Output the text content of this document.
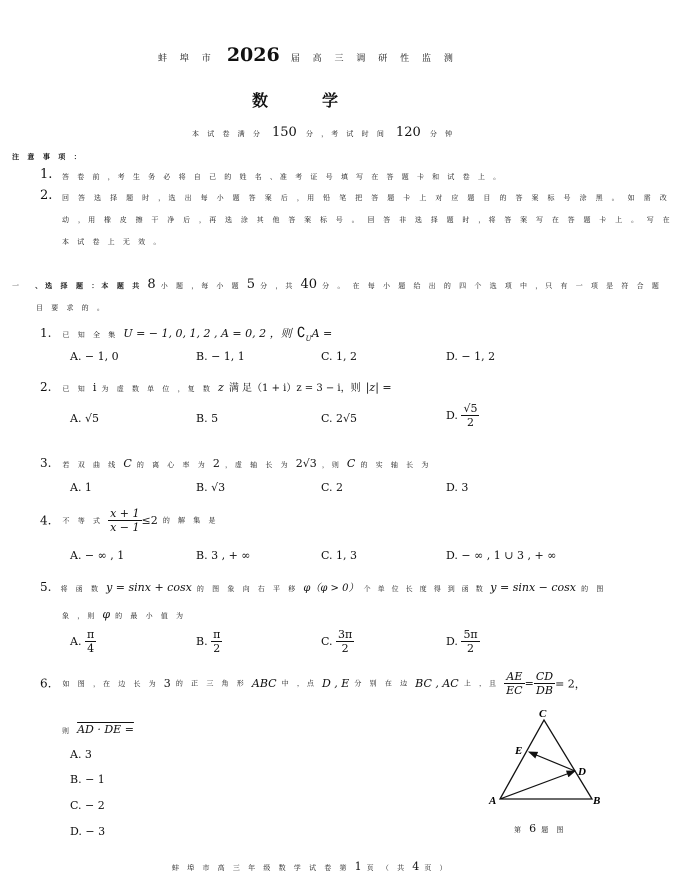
蚌 埠 市 2026 届 高 三 调 研 性 监 测
数学
本 试 卷 满 分 150 分 ，考 试 时 间 120 分 钟
注 意 事 项 ：
1. 答 卷 前 ，考 生 务 必 将 自 己 的 姓 名 、准 考 证 号 填 写 在 答 题 卡 和 试 卷 上 。
2. 回 答 选 择 题 时 ，选 出 每 小 题 答 案 后 ，用 铅 笔 把 答 题 卡 上 对 应 题 目 的 答 案 标 号 涂 黑 。 如 需 改
动 ，用 橡 皮 擦 干 净 后 ，再 选 涂 其 他 答 案 标 号 。 回 答 非 选 择 题 时 ，将 答 案 写 在 答 题 卡 上 。 写 在
本 试 卷 上 无 效 。
一 、选 择 题 ：本 题 共 8 小 题 ，每 小 题 5 分 ，共 40 分 。 在 每 小 题 给 出 的 四 个 选 项 中 ，只 有 一 项 是 符 合 题
目 要 求 的 。
1. 已 知 全 集 U = − 1, 0, 1, 2 , A = 0, 2 ，则 $∁_UA$ =
A. − 1, 0	B. − 1, 1	C. 1, 2	D. − 1, 2
2. 已 知 i 为 虚 数 单 位 ，复 数 z 满 足（1 + i）z = 3 − i，则 |z| =
A. √5	B. 5	C. 2√5	D. $\frac{√5}{2}$
3. 若 双 曲 线 C 的 离 心 率 为 2 ，虚 轴 长 为 2√3 ，则 C 的 实 轴 长 为
A. 1	B. √3	C. 2	D. 3
4. 不 等 式 $\frac{x + 1}{x - 1} \le 2$ 的 解 集 是
A. − ∞ , 1	B. 3 , + ∞	C. 1, 3	D. − ∞ , 1 ∪ 3 , + ∞
5. 将 函 数 y = sinx + cosx 的 图 象 向 右 平 移 φ（φ > 0） 个 单 位 长 度 得 到 函 数 y = sinx − cosx 的 图
象 ，则 φ 的 最 小 值 为
A. $\frac{\pi}{4}$	B. $\frac{\pi}{2}$	C. $\frac{3\pi}{2}$	D. $\frac{5\pi}{2}$
6. 如 图 ，在 边 长 为 3 的 正 三 角 形 ABC 中 ，点 D , E 分 别 在 边 BC , AC 上 ，且 $\frac{AE}{EC} = \frac{CD}{DB} = 2$，
则 AD · DE =
A. 3
B. − 1
C. − 2
D. − 3
C
E
D
A	B
第 6 题 图
蚌 埠 市 高 三 年 级 数 学 试 卷 第 1 页 （ 共 4 页 ）
